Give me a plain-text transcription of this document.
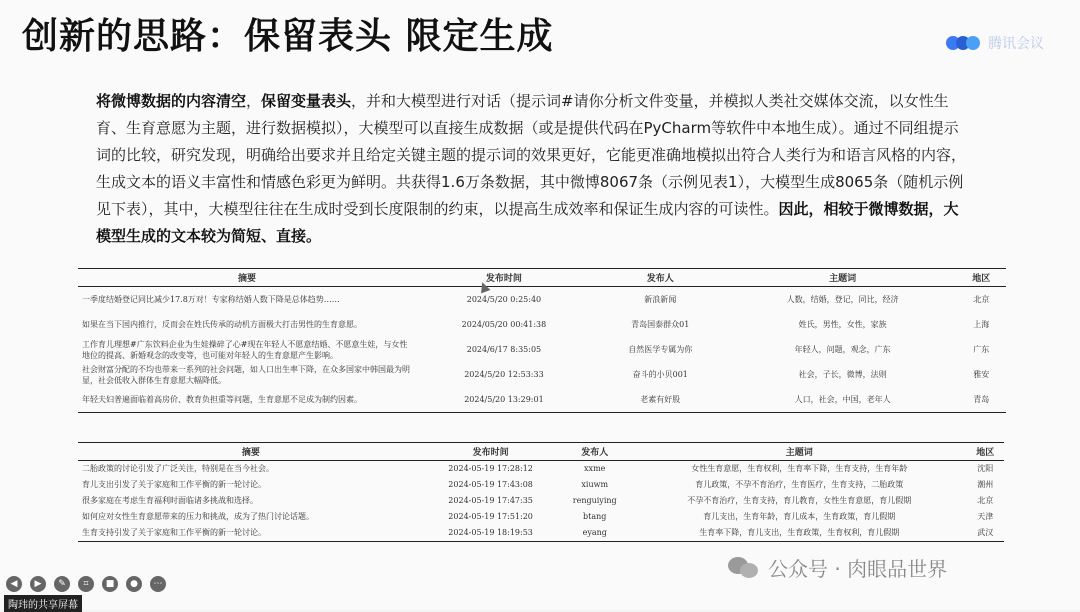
创新的思路：保留表头 限定生成	腾讯会议
将微博数据的内容清空，保留变量表头，并和大模型进行对话（提示词#请你分析文件变量，并模拟人类社交媒体交流，以女性生育、生育意愿为主题，进行数据模拟），大模型可以直接生成数据（或是提供代码在PyCharm等软件中本地生成）。通过不同组提示词的比较，研究发现，明确给出要求并且给定关键主题的提示词的效果更好，它能更准确地模拟出符合人类行为和语言风格的内容，生成文本的语义丰富性和情感色彩更为鲜明。共获得1.6万条数据，其中微博8067条（示例见表1），大模型生成8065条（随机示例见下表），其中，大模型往往在生成时受到长度限制的约束，以提高生成效率和保证生成内容的可读性。因此，相较于微博数据，大模型生成的文本较为简短、直接。
摘要	发布时间	发布人	主题词	地区
一季度结婚登记同比减少17.8万对！专家称结婚人数下降是总体趋势……	2024/5/20 0:25:40	新浪新闻	人数，结婚，登记，同比，经济	北京
如果在当下国内推行，反而会在姓氏传承的动机方面极大打击男性的生育意愿。	2024/05/20 00:41:38	青岛国泰群众01	姓氏，男性，女性，家族	上海
工作育儿理想#广东饮料企业为生娃操碎了心#现在年轻人不愿意结婚、不愿意生娃，与女性地位的提高、新婚观念的改变等，也可能对年轻人的生育意愿产生影响。	2024/6/17 8:35:05	自然医学专属为你	年轻人，问题，观念，广东	广东
社会财富分配的不均也带来一系列的社会问题，如人口出生率下降，在众多国家中韩国最为明显，社会低收入群体生育意愿大幅降低。	2024/5/20 12:53:33	奋斗的小贝001	社会，子长，微博，法则	雅安
年轻夫妇普遍面临着高房价、教育负担重等问题，生育意愿不足成为制约因素。	2024/5/20 13:29:01	老素有好股	人口，社会，中国，老年人	青岛
摘要	发布时间	发布人	主题词	地区
二胎政策的讨论引发了广泛关注，特别是在当今社会。	2024-05-19 17:28:12	xxme	女性生育意愿，生育权利，生育率下降，生育支持，生育年龄	沈阳
育儿支出引发了关于家庭和工作平衡的新一轮讨论。	2024-05-19 17:43:08	xiuwm	育儿政策，不孕不育治疗，生育医疗，生育支持，二胎政策	潮州
很多家庭在考虑生育福利时面临诸多挑战和选择。	2024-05-19 17:47:35	renguiying	不孕不育治疗，生育支持，育儿教育，女性生育意愿，育儿假期	北京
如何应对女性生育意愿带来的压力和挑战，成为了热门讨论话题。	2024-05-19 17:51:20	btang	育儿支出，生育年龄，育儿成本，生育政策，育儿假期	天津
生育支持引发了关于家庭和工作平衡的新一轮讨论。	2024-05-19 18:19:53	eyang	生育率下降，育儿支出，生育政策，生育权利，育儿假期	武汉
公众号 · 肉眼品世界
◀	▶	✎	⌗	■	●	⋯
陶玮的共享屏幕
